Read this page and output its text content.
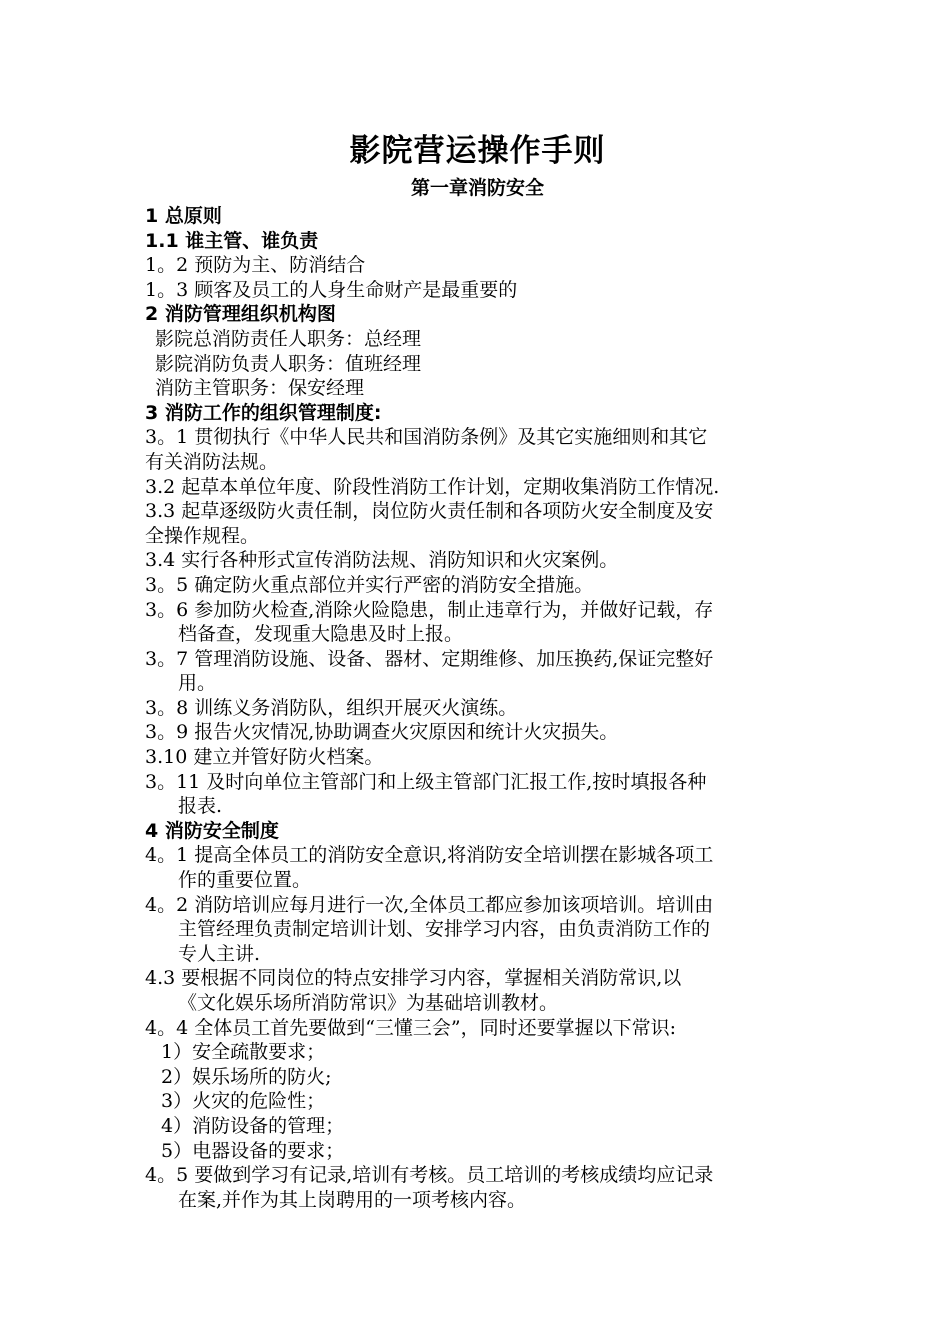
影院营运操作手则
第一章消防安全

1 总原则

1.1 谁主管、谁负责

1。2 预防为主、防消结合

1。3 顾客及员工的人身生命财产是最重要的

2 消防管理组织机构图

影院总消防责任人职务：总经理

影院消防负责人职务：值班经理

消防主管职务：保安经理

3 消防工作的组织管理制度:

3。1 贯彻执行《中华人民共和国消防条例》及其它实施细则和其它

有关消防法规。

3.2 起草本单位年度、阶段性消防工作计划，定期收集消防工作情况.

3.3 起草逐级防火责任制，岗位防火责任制和各项防火安全制度及安

全操作规程。

3.4 实行各种形式宣传消防法规、消防知识和火灾案例。

3。5 确定防火重点部位并实行严密的消防安全措施。

3。6 参加防火检查,消除火险隐患，制止违章行为，并做好记载，存

档备查，发现重大隐患及时上报。

3。7 管理消防设施、设备、器材、定期维修、加压换药,保证完整好

用。

3。8 训练义务消防队，组织开展灭火演练。

3。9 报告火灾情况,协助调查火灾原因和统计火灾损失。

3.10 建立并管好防火档案。

3。11 及时向单位主管部门和上级主管部门汇报工作,按时填报各种

报表.

4 消防安全制度

4。1 提高全体员工的消防安全意识,将消防安全培训摆在影城各项工

作的重要位置。

4。2 消防培训应每月进行一次,全体员工都应参加该项培训。培训由

主管经理负责制定培训计划、安排学习内容，由负责消防工作的

专人主讲.

4.3 要根据不同岗位的特点安排学习内容，掌握相关消防常识,以

《文化娱乐场所消防常识》为基础培训教材。

4。4 全体员工首先要做到“三懂三会”，同时还要掌握以下常识:

1）安全疏散要求；

2）娱乐场所的防火;

3）火灾的危险性；

4）消防设备的管理；

5）电器设备的要求；

4。5 要做到学习有记录,培训有考核。员工培训的考核成绩均应记录

在案,并作为其上岗聘用的一项考核内容。
